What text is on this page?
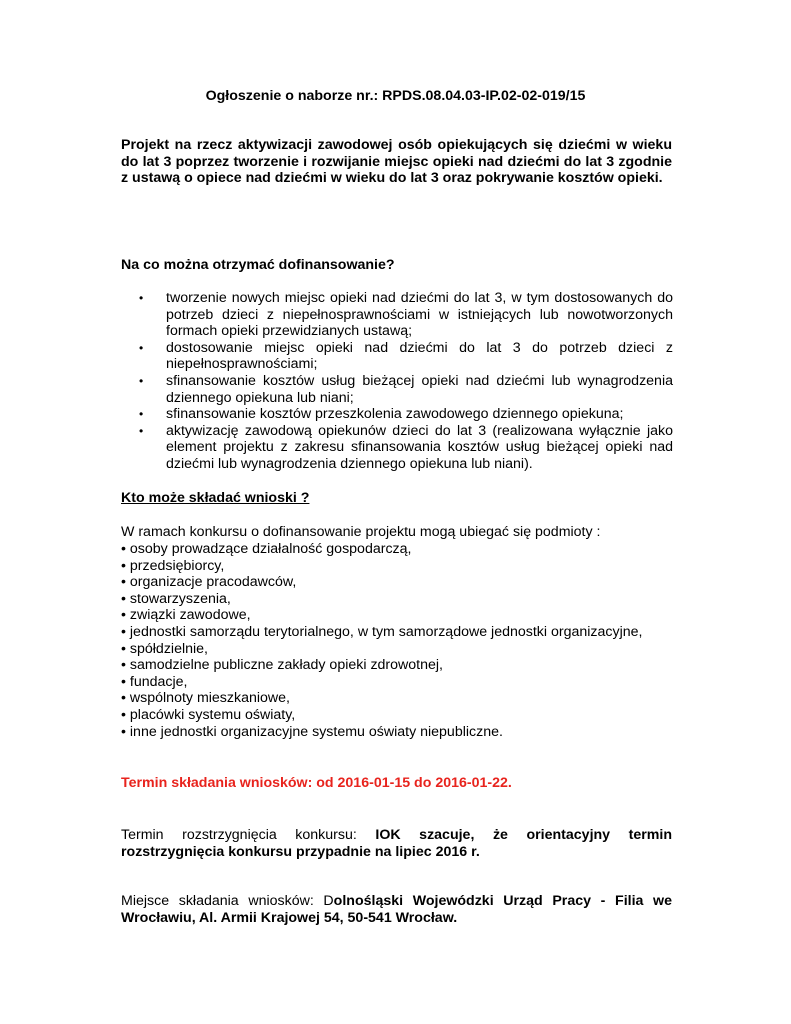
Ogłoszenie o naborze nr.: RPDS.08.04.03-IP.02-02-019/15
Projekt na rzecz aktywizacji zawodowej osób opiekujących się dziećmi w wieku do lat 3 poprzez tworzenie i rozwijanie miejsc opieki nad dziećmi do lat 3 zgodnie z ustawą o opiece nad dziećmi w wieku do lat 3 oraz pokrywanie kosztów opieki.
Na co można otrzymać dofinansowanie?
• tworzenie nowych miejsc opieki nad dziećmi do lat 3, w tym dostosowanych do potrzeb dzieci z niepełnosprawnościami w istniejących lub nowotworzonych formach opieki przewidzianych ustawą;
• dostosowanie miejsc opieki nad dziećmi do lat 3 do potrzeb dzieci z niepełnosprawnościami;
• sfinansowanie kosztów usług bieżącej opieki nad dziećmi lub wynagrodzenia dziennego opiekuna lub niani;
• sfinansowanie kosztów przeszkolenia zawodowego dziennego opiekuna;
• aktywizację zawodową opiekunów dzieci do lat 3 (realizowana wyłącznie jako element projektu z zakresu sfinansowania kosztów usług bieżącej opieki nad dziećmi lub wynagrodzenia dziennego opiekuna lub niani).
Kto może składać wnioski ?
W ramach konkursu o dofinansowanie projektu mogą ubiegać się podmioty :
• osoby prowadzące działalność gospodarczą,
• przedsiębiorcy,
• organizacje pracodawców,
• stowarzyszenia,
• związki zawodowe,
• jednostki samorządu terytorialnego, w tym samorządowe jednostki organizacyjne,
• spółdzielnie,
• samodzielne publiczne zakłady opieki zdrowotnej,
• fundacje,
• wspólnoty mieszkaniowe,
• placówki systemu oświaty,
• inne jednostki organizacyjne systemu oświaty niepubliczne.
Termin składania wniosków: od 2016-01-15 do 2016-01-22.
Termin rozstrzygnięcia konkursu: IOK szacuje, że orientacyjny termin rozstrzygnięcia konkursu przypadnie na lipiec 2016 r.
Miejsce składania wniosków: Dolnośląski Wojewódzki Urząd Pracy - Filia we Wrocławiu, Al. Armii Krajowej 54, 50-541 Wrocław.
